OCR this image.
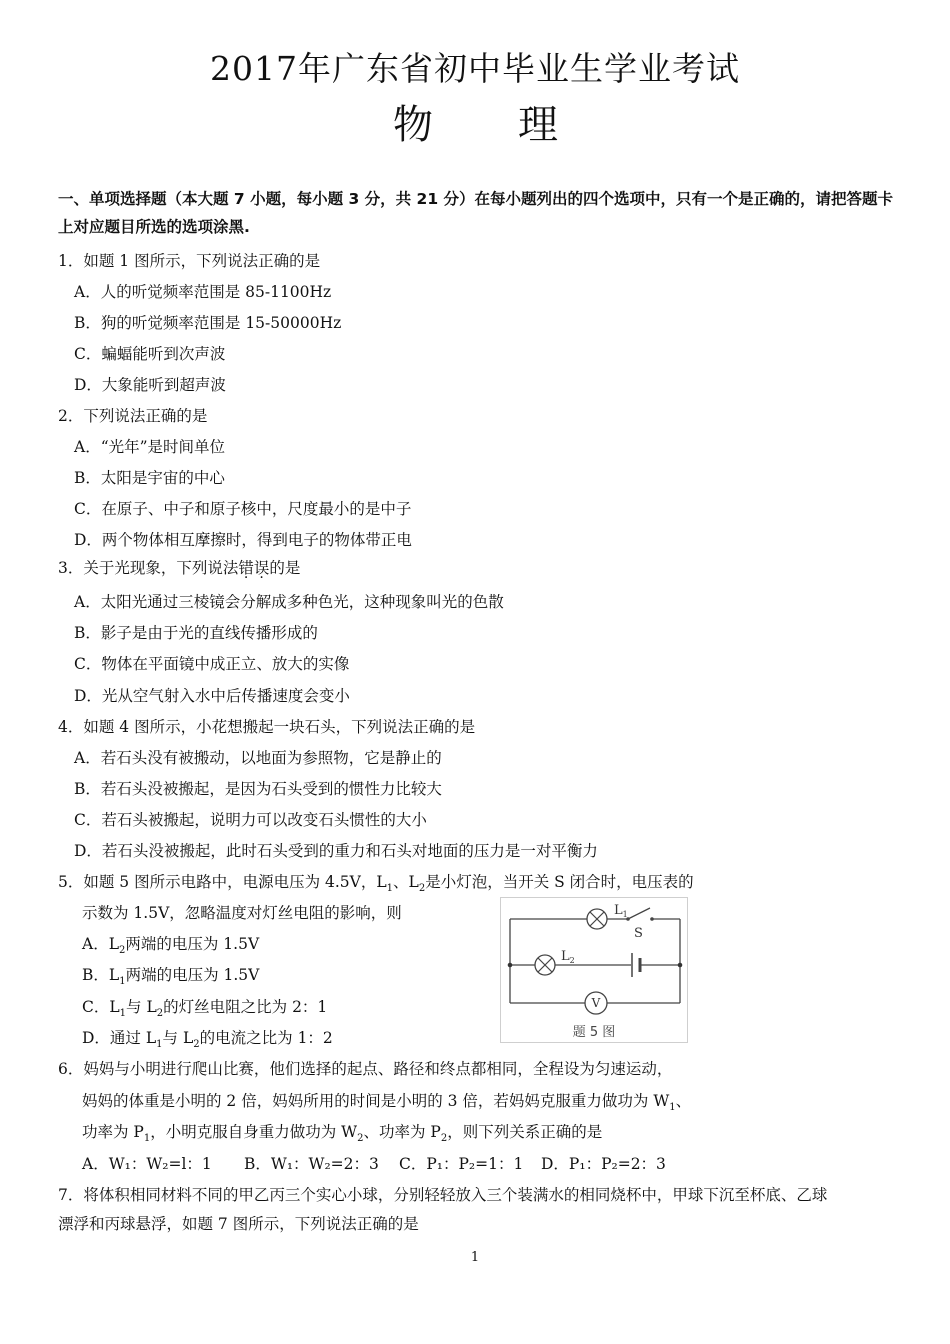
2017年广东省初中毕业生学业考试
物 理
一、单项选择题（本大题 7 小题，每小题 3 分，共 21 分）在每小题列出的四个选项中，只有一个是正确的，请把答题卡上对应题目所选的选项涂黑.
1．如题 1 图所示，下列说法正确的是
A．人的听觉频率范围是 85-1100Hz
B．狗的听觉频率范围是 15-50000Hz
C．蝙蝠能听到次声波
D．大象能听到超声波
2．下列说法正确的是
A．“光年”是时间单位
B．太阳是宇宙的中心
C．在原子、中子和原子核中，尺度最小的是中子
D．两个物体相互摩擦时，得到电子的物体带正电
3．关于光现象，下列说法错误的是
A．太阳光通过三棱镜会分解成多种色光，这种现象叫光的色散
B．影子是由于光的直线传播形成的
C．物体在平面镜中成正立、放大的实像
D．光从空气射入水中后传播速度会变小
4．如题 4 图所示，小花想搬起一块石头，下列说法正确的是
A．若石头没有被搬动，以地面为参照物，它是静止的
B．若石头没被搬起，是因为石头受到的惯性力比较大
C．若石头被搬起，说明力可以改变石头惯性的大小
D．若石头没被搬起，此时石头受到的重力和石头对地面的压力是一对平衡力
5．如题 5 图所示电路中，电源电压为 4.5V，$L_1$、$L_2$是小灯泡，当开关 S 闭合时，电压表的
示数为 1.5V，忽略温度对灯丝电阻的影响，则
A．$L_2$两端的电压为 1.5V
B．$L_1$两端的电压为 1.5V
C．$L_1$与 $L_2$的灯丝电阻之比为 2：1
D．通过 $L_1$与 $L_2$的电流之比为 1：2
$L_1$
S
$L_2$
V
题 5 图
6．妈妈与小明进行爬山比赛，他们选择的起点、路径和终点都相同，全程设为匀速运动，
妈妈的体重是小明的 2 倍，妈妈所用的时间是小明的 3 倍，若妈妈克服重力做功为 $W_1$、
功率为 $P_1$，小明克服自身重力做功为 $W_2$、功率为 $P_2$，则下列关系正确的是
A．W₁：W₂=l：1 B．W₁：W₂=2：3 C．P₁：P₂=1：1 D．P₁：P₂=2：3
7．将体积相同材料不同的甲乙丙三个实心小球，分别轻轻放入三个装满水的相同烧杯中，甲球下沉至杯底、乙球
漂浮和丙球悬浮，如题 7 图所示，下列说法正确的是
1
